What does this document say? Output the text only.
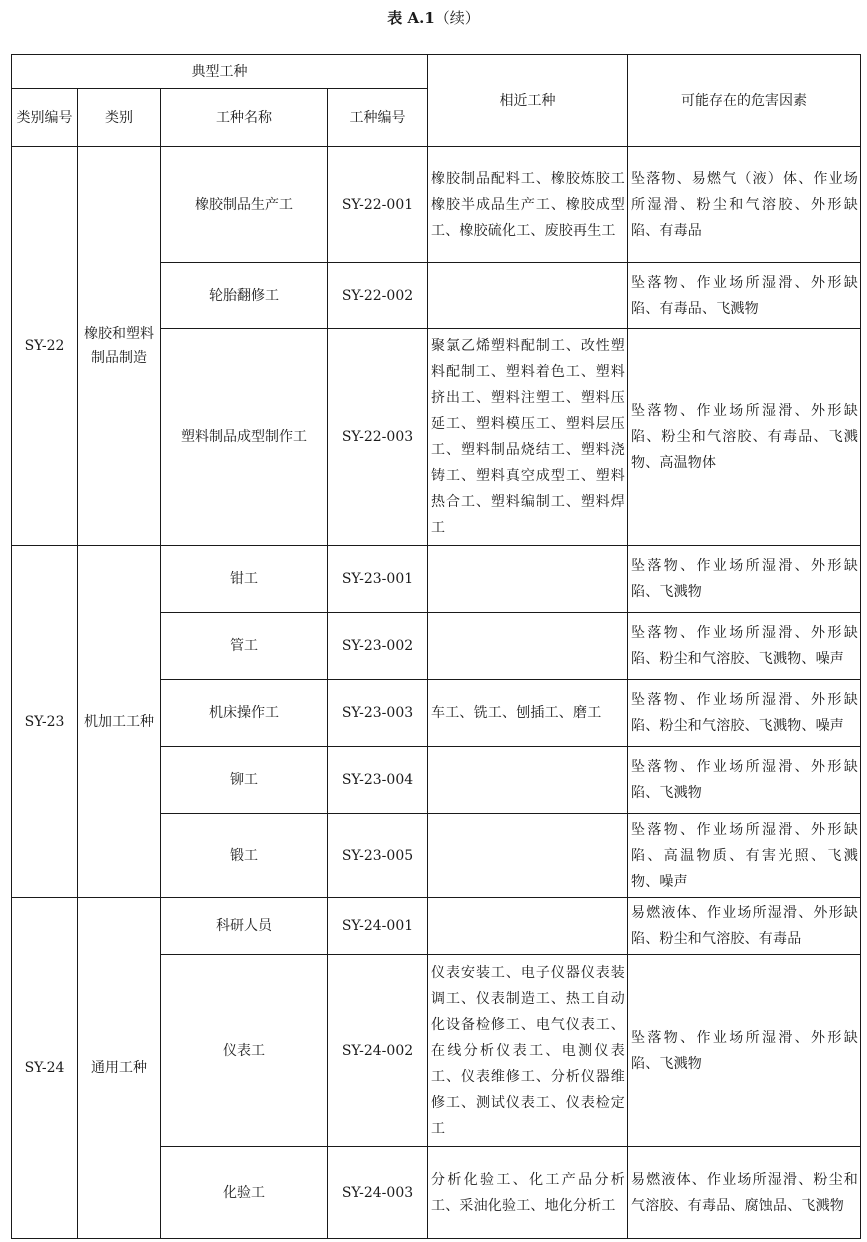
表 A.1（续）
典型工种				相近工种	可能存在的危害因素
类别编号	类别	工种名称	工种编号		
SY-22	橡胶和塑料制品制造	橡胶制品生产工	SY-22-001	橡胶制品配料工、橡胶炼胶工橡胶半成品生产工、橡胶成型工、橡胶硫化工、废胶再生工	坠落物、易燃气（液）体、作业场所湿滑、粉尘和气溶胶、外形缺陷、有毒品
		轮胎翻修工	SY-22-002		坠落物、作业场所湿滑、外形缺陷、有毒品、飞溅物
		塑料制品成型制作工	SY-22-003	聚氯乙烯塑料配制工、改性塑料配制工、塑料着色工、塑料挤出工、塑料注塑工、塑料压延工、塑料模压工、塑料层压工、塑料制品烧结工、塑料浇铸工、塑料真空成型工、塑料热合工、塑料编制工、塑料焊工	坠落物、作业场所湿滑、外形缺陷、粉尘和气溶胶、有毒品、飞溅物、高温物体
SY-23	机加工工种	钳工	SY-23-001		坠落物、作业场所湿滑、外形缺陷、飞溅物
		管工	SY-23-002		坠落物、作业场所湿滑、外形缺陷、粉尘和气溶胶、飞溅物、噪声
		机床操作工	SY-23-003	车工、铣工、刨插工、磨工	坠落物、作业场所湿滑、外形缺陷、粉尘和气溶胶、飞溅物、噪声
		铆工	SY-23-004		坠落物、作业场所湿滑、外形缺陷、飞溅物
		锻工	SY-23-005		坠落物、作业场所湿滑、外形缺陷、高温物质、有害光照、飞溅物、噪声
SY-24	通用工种	科研人员	SY-24-001		易燃液体、作业场所湿滑、外形缺陷、粉尘和气溶胶、有毒品
		仪表工	SY-24-002	仪表安装工、电子仪器仪表装调工、仪表制造工、热工自动化设备检修工、电气仪表工、在线分析仪表工、电测仪表工、仪表维修工、分析仪器维修工、测试仪表工、仪表检定工	坠落物、作业场所湿滑、外形缺陷、飞溅物
		化验工	SY-24-003	分析化验工、化工产品分析工、采油化验工、地化分析工	易燃液体、作业场所湿滑、粉尘和气溶胶、有毒品、腐蚀品、飞溅物
